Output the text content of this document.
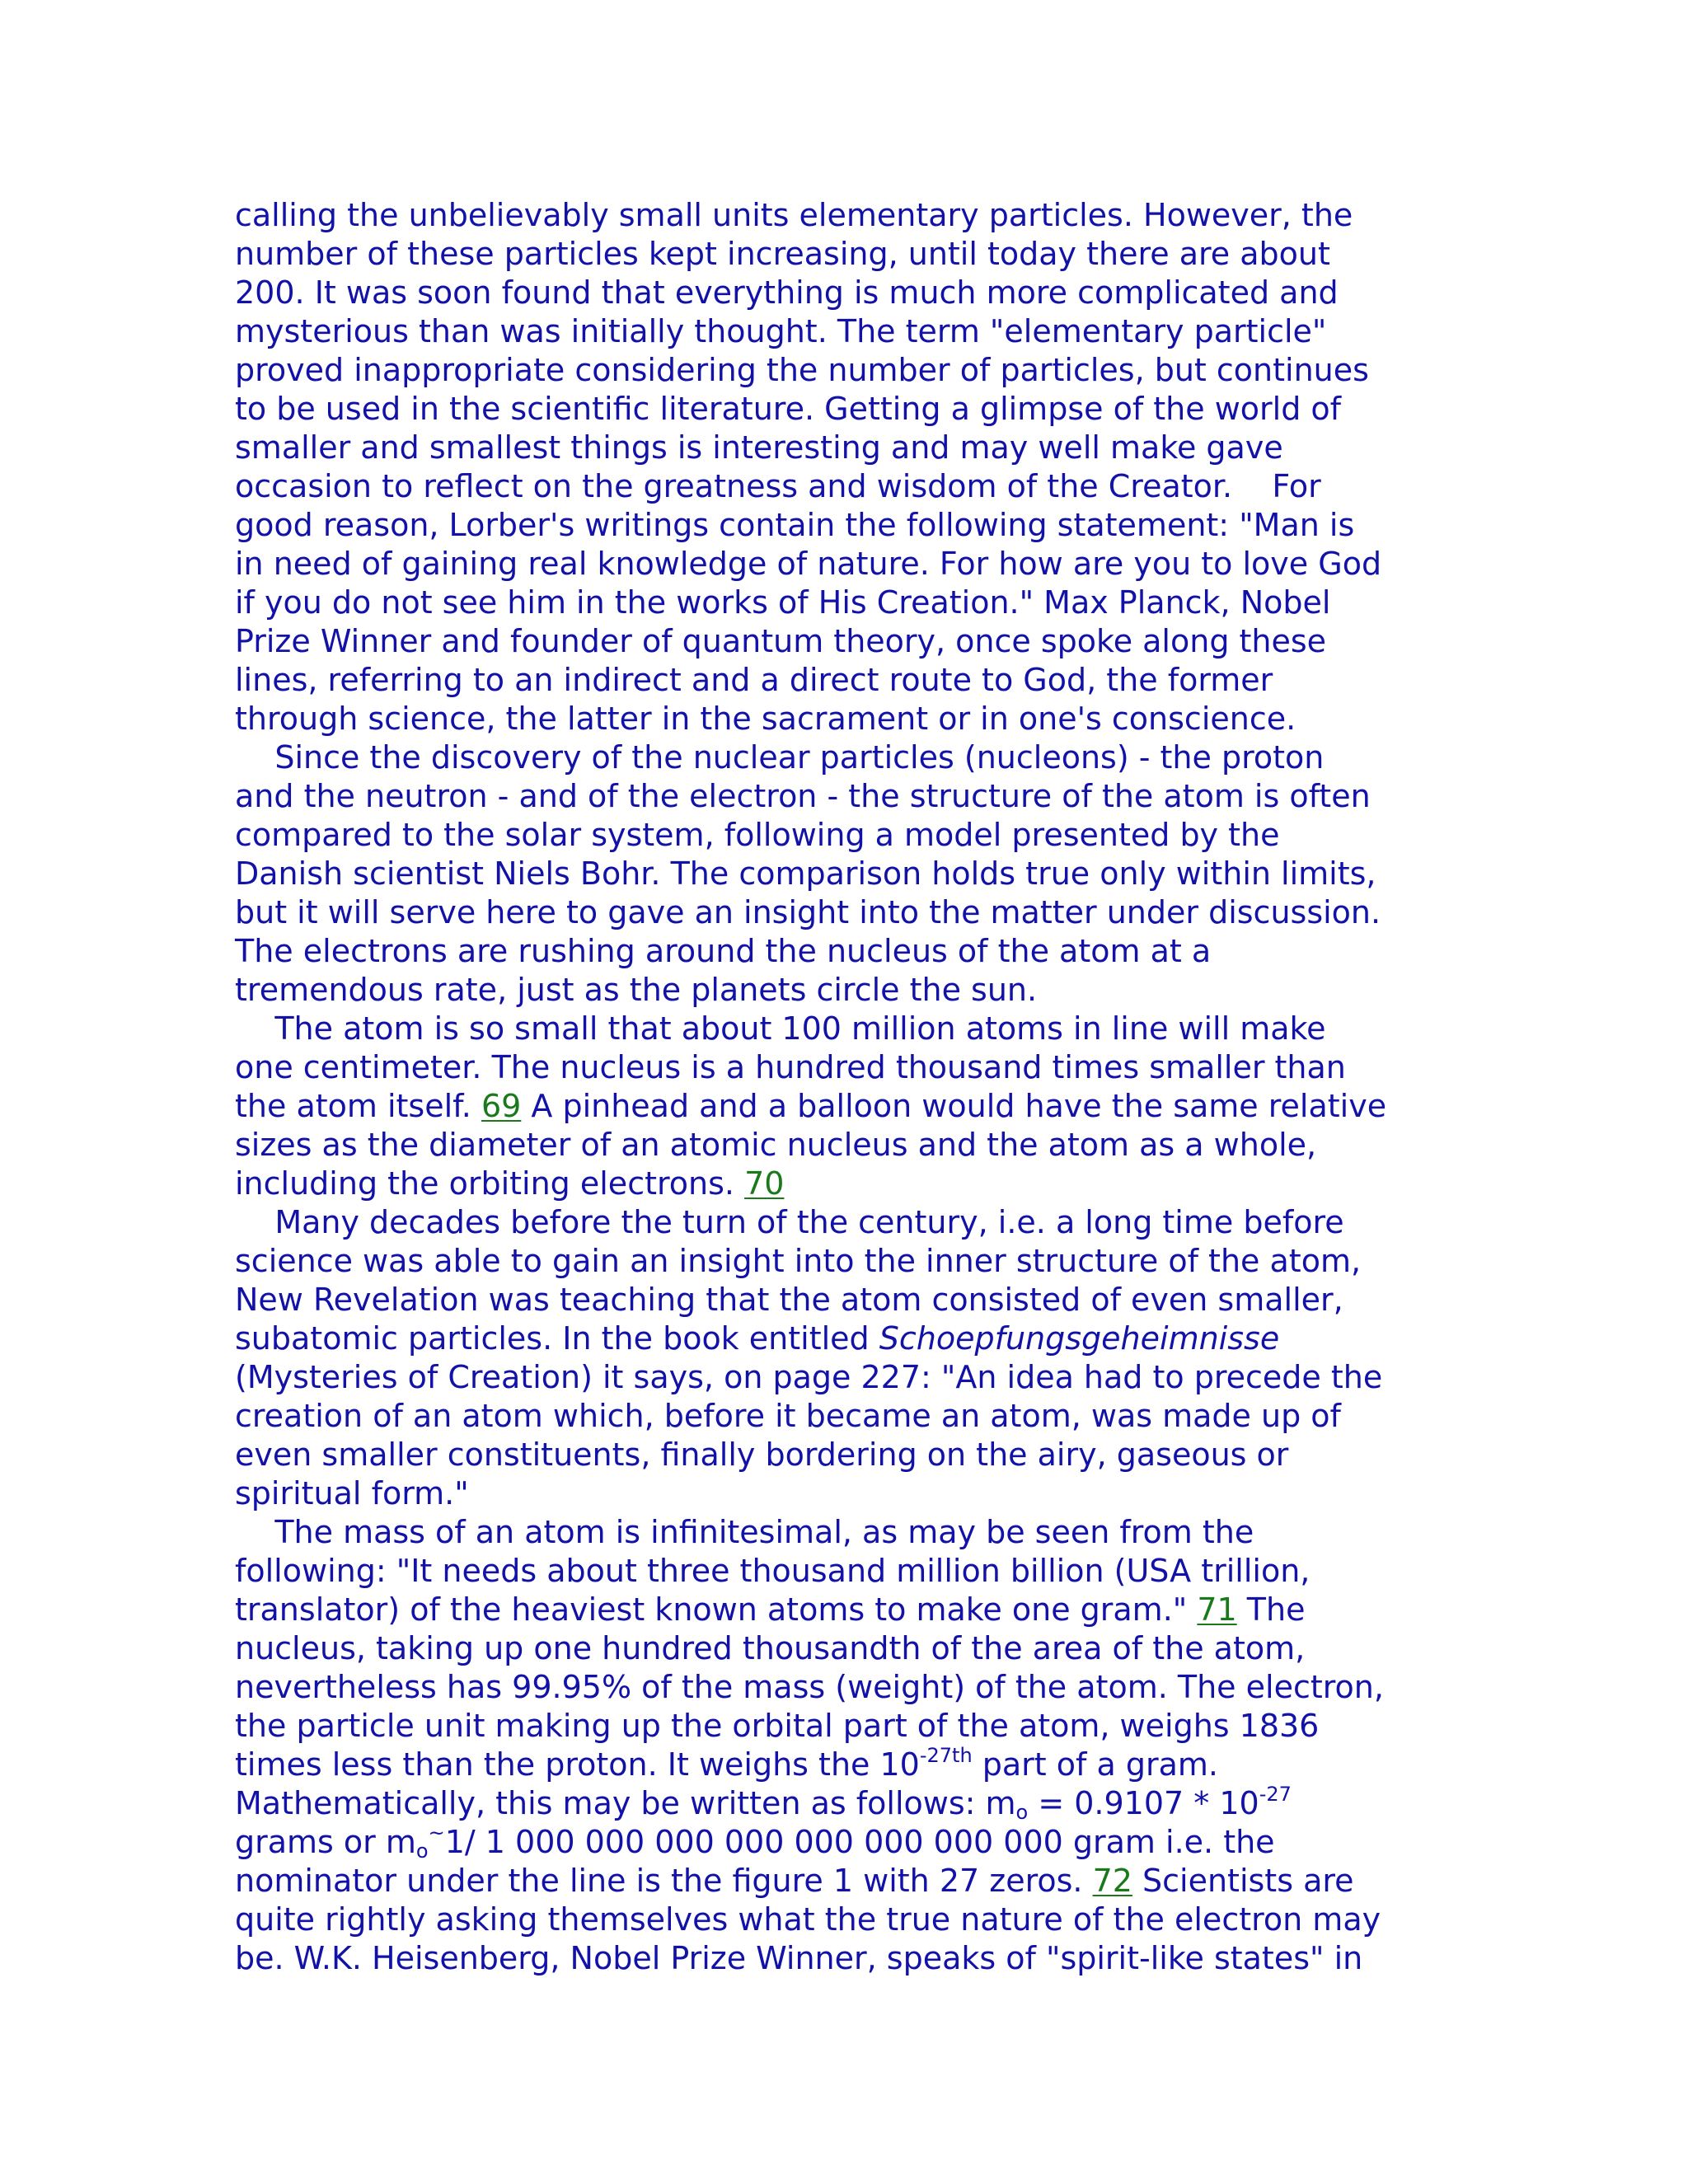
calling the unbelievably small units elementary particles. However, the
number of these particles kept increasing, until today there are about
200. It was soon found that everything is much more complicated and
mysterious than was initially thought. The term "elementary particle"
proved inappropriate considering the number of particles, but continues
to be used in the scientific literature. Getting a glimpse of the world of
smaller and smallest things is interesting and may well make gave
occasion to reflect on the greatness and wisdom of the Creator.    For
good reason, Lorber's writings contain the following statement: "Man is
in need of gaining real knowledge of nature. For how are you to love God
if you do not see him in the works of His Creation." Max Planck, Nobel
Prize Winner and founder of quantum theory, once spoke along these
lines, referring to an indirect and a direct route to God, the former
through science, the latter in the sacrament or in one's conscience.
Since the discovery of the nuclear particles (nucleons) - the proton
and the neutron - and of the electron - the structure of the atom is often
compared to the solar system, following a model presented by the
Danish scientist Niels Bohr. The comparison holds true only within limits,
but it will serve here to gave an insight into the matter under discussion.
The electrons are rushing around the nucleus of the atom at a
tremendous rate, just as the planets circle the sun.
The atom is so small that about 100 million atoms in line will make
one centimeter. The nucleus is a hundred thousand times smaller than
the atom itself. 69 A pinhead and a balloon would have the same relative
sizes as the diameter of an atomic nucleus and the atom as a whole,
including the orbiting electrons. 70
Many decades before the turn of the century, i.e. a long time before
science was able to gain an insight into the inner structure of the atom,
New Revelation was teaching that the atom consisted of even smaller,
subatomic particles. In the book entitled Schoepfungsgeheimnisse
(Mysteries of Creation) it says, on page 227: "An idea had to precede the
creation of an atom which, before it became an atom, was made up of
even smaller constituents, finally bordering on the airy, gaseous or
spiritual form."
The mass of an atom is infinitesimal, as may be seen from the
following: "It needs about three thousand million billion (USA trillion,
translator) of the heaviest known atoms to make one gram." 71 The
nucleus, taking up one hundred thousandth of the area of the atom,
nevertheless has 99.95% of the mass (weight) of the atom. The electron,
the particle unit making up the orbital part of the atom, weighs 1836
times less than the proton. It weighs the $10^{-27th}$ part of a gram.
Mathematically, this may be written as follows: $m_o = 0.9107 * 10^{-27}$
grams or $m_o^\sim 1/$ 1 000 000 000 000 000 000 000 000 gram i.e. the
nominator under the line is the figure 1 with 27 zeros. 72 Scientists are
quite rightly asking themselves what the true nature of the electron may
be. W.K. Heisenberg, Nobel Prize Winner, speaks of "spirit-like states" in
